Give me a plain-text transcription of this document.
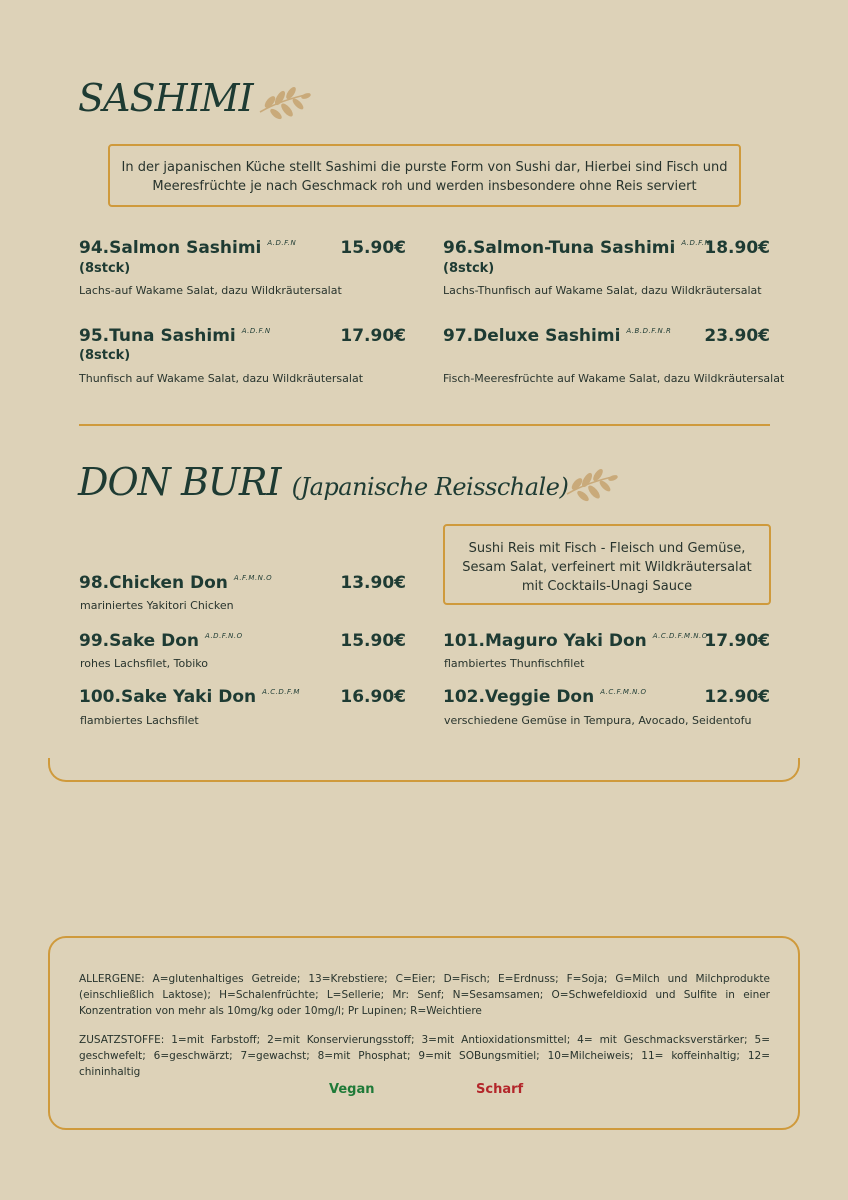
SASHIMI
In der japanischen Küche stellt Sashimi die purste Form von Sushi dar, Hierbei sind Fisch und Meeresfrüchte je nach Geschmack roh und werden insbesondere ohne Reis serviert
94.Salmon Sashimi $^{A.D.F.N}$	15.90€
(8stck)
Lachs-auf Wakame Salat, dazu Wildkräutersalat
96.Salmon-Tuna Sashimi $^{A.D.F.N}$
18.90€
(8stck)
Lachs-Thunfisch auf Wakame Salat, dazu Wildkräutersalat
95.Tuna Sashimi $^{A.D.F.N}$	17.90€
(8stck)
Thunfisch auf Wakame Salat, dazu Wildkräutersalat
97.Deluxe Sashimi $^{A.B.D.F.N.R}$	23.90€
Fisch-Meeresfrüchte auf Wakame Salat, dazu Wildkräutersalat
DON BURI (Japanische Reisschale)
Sushi Reis mit Fisch - Fleisch und Gemüse, Sesam Salat, verfeinert mit Wildkräutersalat mit Cocktails-Unagi Sauce
98.Chicken Don $^{A.F.M.N.O}$	13.90€
mariniertes Yakitori Chicken
99.Sake Don $^{A.D.F.N.O}$	15.90€
rohes Lachsfilet, Tobiko
101.Maguro Yaki Don $^{A.C.D.F.M.N.O}$
17.90€
flambiertes Thunfischfilet
100.Sake Yaki Don $^{A.C.D.F.M}$	16.90€
flambiertes Lachsfilet
102.Veggie Don $^{A.C.F.M.N.O}$	12.90€
verschiedene Gemüse in Tempura, Avocado, Seidentofu
ALLERGENE: A=glutenhaltiges Getreide; 13=Krebstiere; C=Eier; D=Fisch; E=Erdnuss; F=Soja; G=Milch und Milchprodukte (einschließlich Laktose); H=Schalenfrüchte; L=Sellerie; Mr: Senf; N=Sesamsamen; O=Schwefeldioxid und Sulfite in einer Konzentration von mehr als 10mg/kg oder 10mg/l; Pr Lupinen; R=Weichtiere
ZUSATZSTOFFE: 1=mit Farbstoff; 2=mit Konservierungsstoff; 3=mit Antioxidationsmittel; 4= mit Geschmacksverstärker; 5= geschwefelt; 6=geschwärzt; 7=gewachst; 8=mit Phosphat; 9=mit SOBungsmitiel; 10=Milcheiweis; 11= koffeinhaltig; 12= chininhaltig
Vegan	Scharf
